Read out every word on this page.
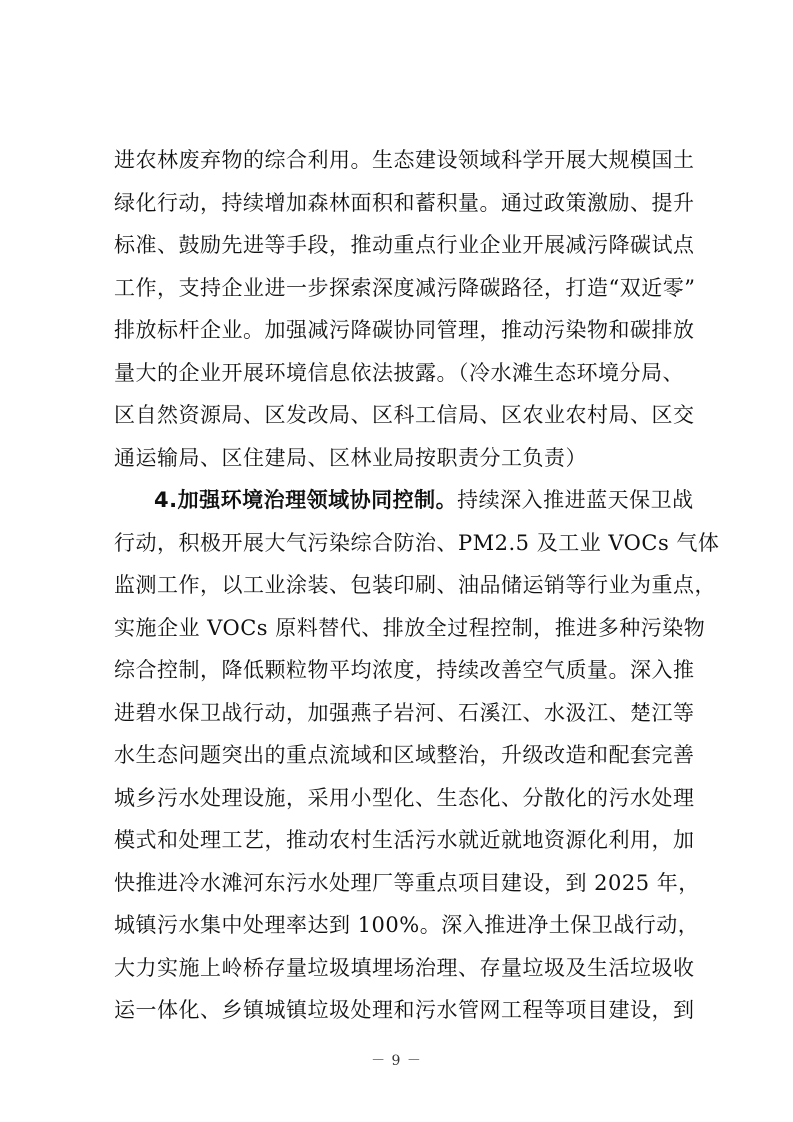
进农林废弃物的综合利用。生态建设领域科学开展大规模国土
绿化行动，持续增加森林面积和蓄积量。通过政策激励、提升
标准、鼓励先进等手段，推动重点行业企业开展减污降碳试点
工作，支持企业进一步探索深度减污降碳路径，打造“双近零”
排放标杆企业。加强减污降碳协同管理，推动污染物和碳排放
量大的企业开展环境信息依法披露。（冷水滩生态环境分局、
区自然资源局、区发改局、区科工信局、区农业农村局、区交
通运输局、区住建局、区林业局按职责分工负责）
4.加强环境治理领域协同控制。持续深入推进蓝天保卫战
行动，积极开展大气污染综合防治、PM2.5 及工业 VOCs 气体
监测工作，以工业涂装、包装印刷、油品储运销等行业为重点，
实施企业 VOCs 原料替代、排放全过程控制，推进多种污染物
综合控制，降低颗粒物平均浓度，持续改善空气质量。深入推
进碧水保卫战行动，加强燕子岩河、石溪江、水汲江、楚江等
水生态问题突出的重点流域和区域整治，升级改造和配套完善
城乡污水处理设施，采用小型化、生态化、分散化的污水处理
模式和处理工艺，推动农村生活污水就近就地资源化利用，加
快推进冷水滩河东污水处理厂等重点项目建设，到 2025 年，
城镇污水集中处理率达到 100%。深入推进净土保卫战行动，
大力实施上岭桥存量垃圾填埋场治理、存量垃圾及生活垃圾收
运一体化、乡镇城镇垃圾处理和污水管网工程等项目建设，到
－ 9 －
